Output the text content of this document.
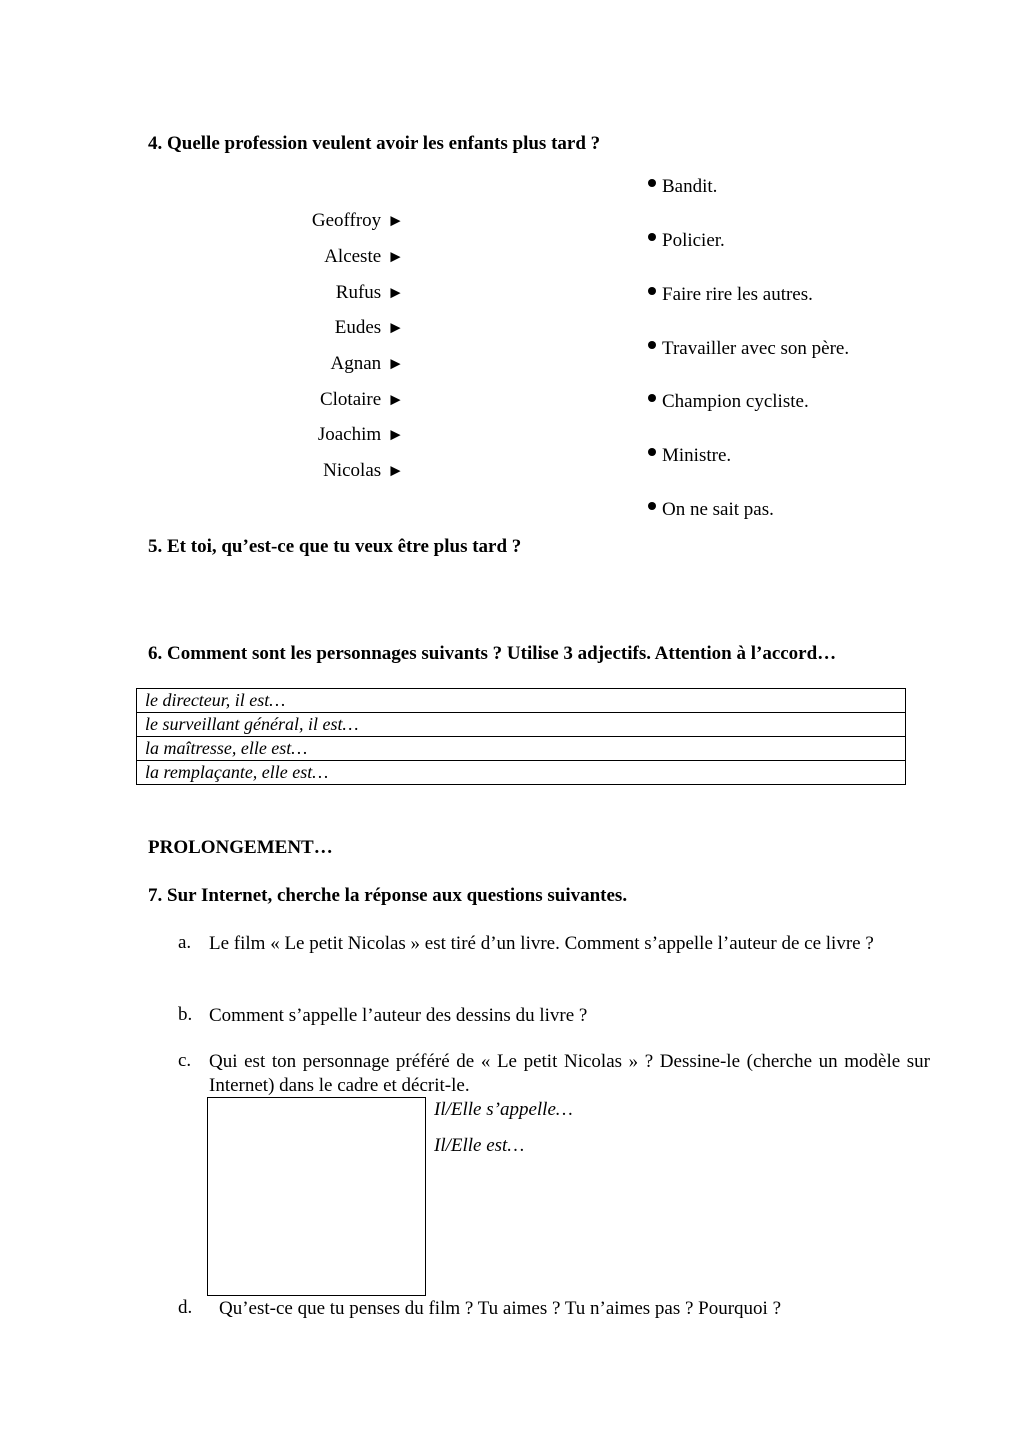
4. Quelle profession veulent avoir les enfants plus tard ?
Geoffroy ►
Alceste ►
Rufus ►
Eudes ►
Agnan ►
Clotaire ►
Joachim ►
Nicolas ►
Bandit.
Policier.
Faire rire les autres.
Travailler avec son père.
Champion cycliste.
Ministre.
On ne sait pas.
5. Et toi, qu’est-ce que tu veux être plus tard ?
6. Comment sont les personnages suivants ? Utilise 3 adjectifs. Attention à l’accord…
le directeur, il est…
le surveillant général, il est…
la maîtresse, elle est…
la remplaçante, elle est…
PROLONGEMENT…
7. Sur Internet, cherche la réponse aux questions suivantes.
a. Le film « Le petit Nicolas » est tiré d’un livre. Comment s’appelle l’auteur de ce livre ?
b. Comment s’appelle l’auteur des dessins du livre ?
c. Qui est ton personnage préféré de « Le petit Nicolas » ? Dessine-le (cherche un modèle sur Internet) dans le cadre et décrit-le.
Il/Elle s’appelle…
Il/Elle est…
d. Qu’est-ce que tu penses du film ? Tu aimes ? Tu n’aimes pas ? Pourquoi ?
